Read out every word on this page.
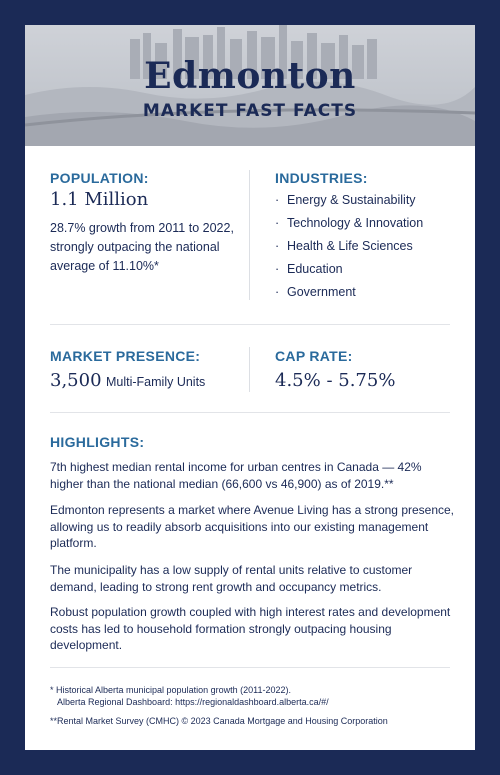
Edmonton
MARKET FAST FACTS
POPULATION:
1.1 Million
28.7% growth from 2011 to 2022, strongly outpacing the national average of 11.10%*
INDUSTRIES:
· Energy & Sustainability
· Technology & Innovation
· Health & Life Sciences
· Education
· Government
MARKET PRESENCE:
3,500 Multi-Family Units
CAP RATE:
4.5% - 5.75%
HIGHLIGHTS:
7th highest median rental income for urban centres in Canada — 42% higher than the national median (66,600 vs 46,900) as of 2019.**
Edmonton represents a market where Avenue Living has a strong presence, allowing us to readily absorb acquisitions into our existing management platform.
The municipality has a low supply of rental units relative to customer demand, leading to strong rent growth and occupancy metrics.
Robust population growth coupled with high interest rates and development costs has led to household formation strongly outpacing housing development.
* Historical Alberta municipal population growth (2011-2022).
Alberta Regional Dashboard: https://regionaldashboard.alberta.ca/#/
**Rental Market Survey (CMHC) © 2023 Canada Mortgage and Housing Corporation
